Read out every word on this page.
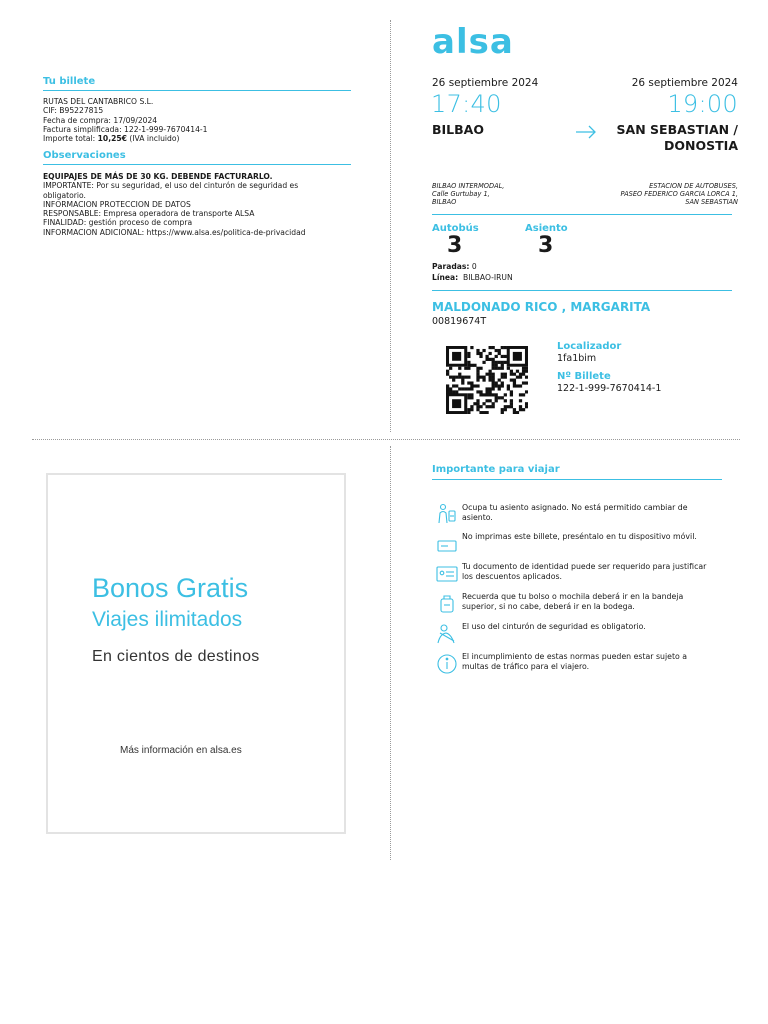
Tu billete
RUTAS DEL CANTABRICO S.L.
CIF: B95227815
Fecha de compra: 17/09/2024
Factura simplificada: 122-1-999-7670414-1
Importe total: 10,25€ (IVA incluido)
Observaciones
EQUIPAJES DE MÁS DE 30 KG. DEBENDE FACTURARLO.
IMPORTANTE: Por su seguridad, el uso del cinturón de seguridad es
obligatorio.
INFORMACION PROTECCION DE DATOS
RESPONSABLE: Empresa operadora de transporte ALSA
FINALIDAD: gestión proceso de compra
INFORMACION ADICIONAL: https://www.alsa.es/politica-de-privacidad
alsa
26 septiembre 2024	26 septiembre 2024
17:40	19:00
BILBAO	SAN SEBASTIAN /
DONOSTIA
BILBAO INTERMODAL,
Calle Gurtubay 1,
BILBAO
ESTACION DE AUTOBUSES,
PASEO FEDERICO GARCIA LORCA 1,
SAN SEBASTIAN
Autobús
3
Asiento
3
Paradas: 0
Línea: BILBAO-IRUN
MALDONADO RICO , MARGARITA
00819674T
Localizador
1fa1bim
Nº Billete
122-1-999-7670414-1
Bonos Gratis
Viajes ilimitados
En cientos de destinos
Más información en alsa.es
Importante para viajar
Ocupa tu asiento asignado. No está permitido cambiar de
asiento.
No imprimas este billete, preséntalo en tu dispositivo móvil.
Tu documento de identidad puede ser requerido para justificar
los descuentos aplicados.
Recuerda que tu bolso o mochila deberá ir en la bandeja
superior, si no cabe, deberá ir en la bodega.
El uso del cinturón de seguridad es obligatorio.
El incumplimiento de estas normas pueden estar sujeto a
multas de tráfico para el viajero.
